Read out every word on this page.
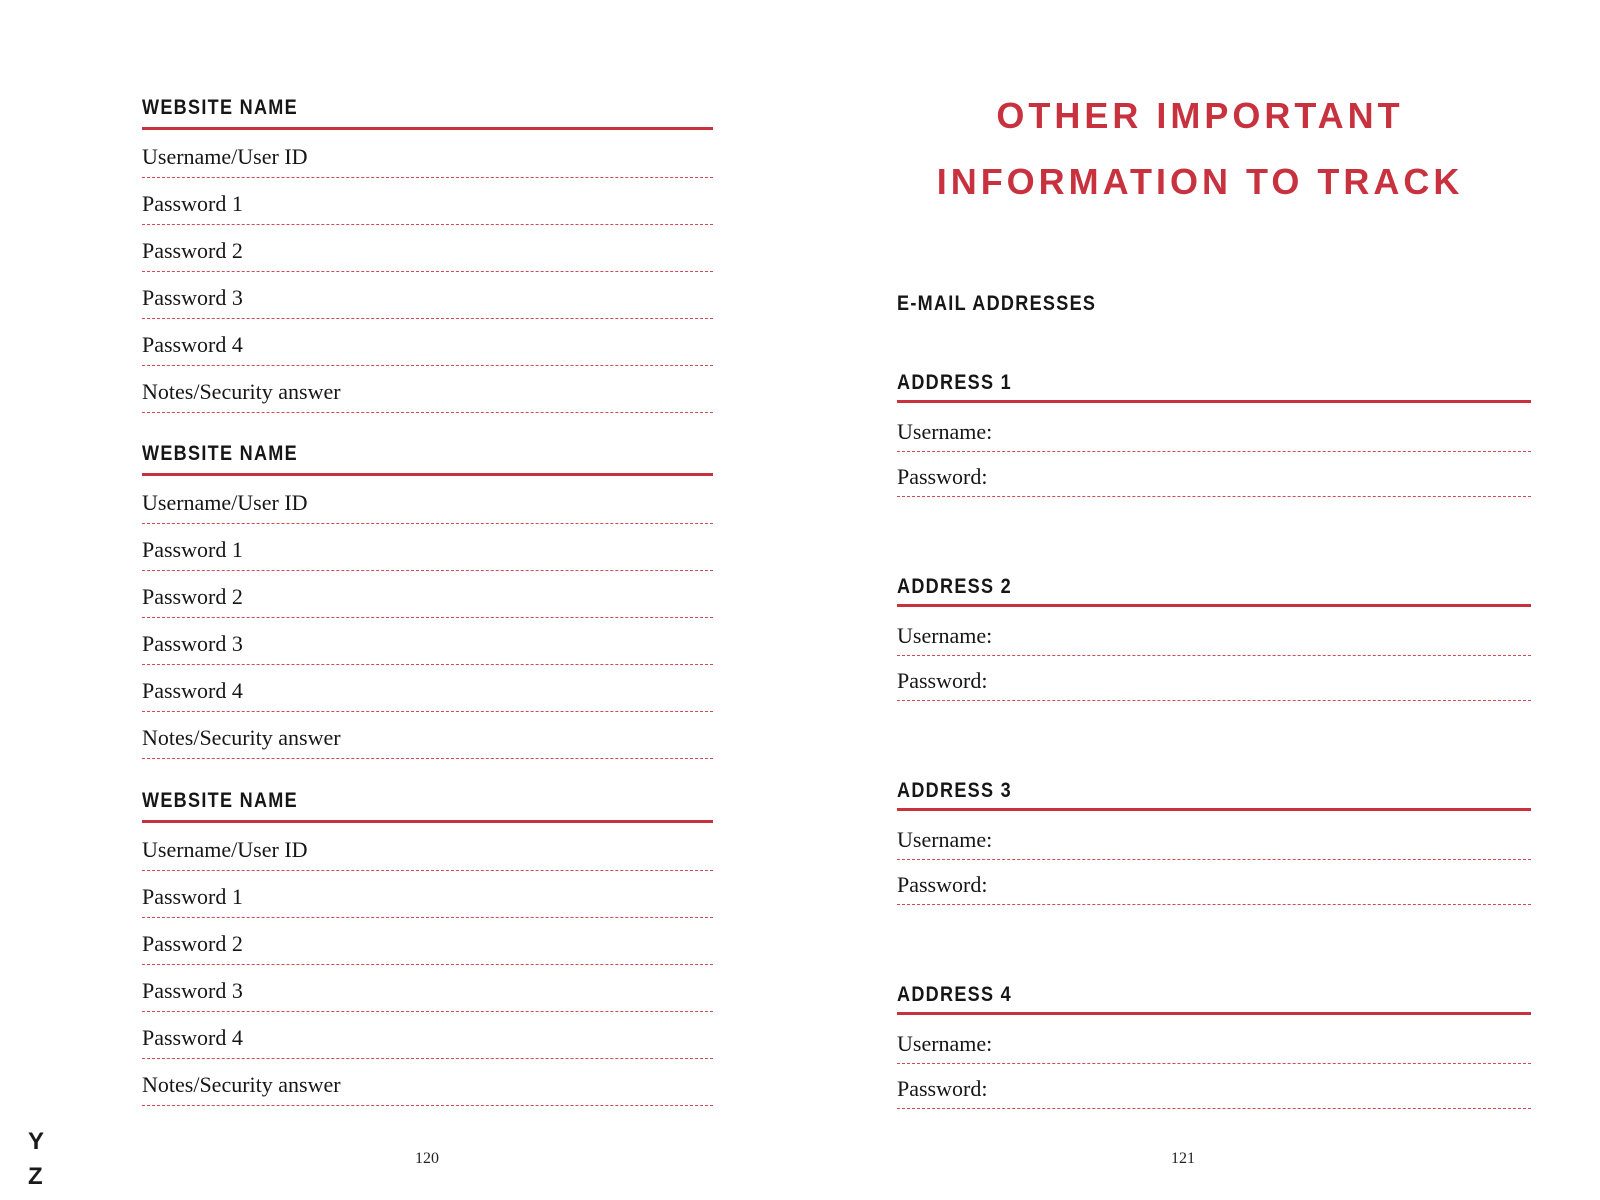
WEBSITE NAME
Username/User ID
Password 1
Password 2
Password 3
Password 4
Notes/Security answer
WEBSITE NAME
Username/User ID
Password 1
Password 2
Password 3
Password 4
Notes/Security answer
WEBSITE NAME
Username/User ID
Password 1
Password 2
Password 3
Password 4
Notes/Security answer
120
Y
Z
OTHER IMPORTANT
INFORMATION TO TRACK
E-MAIL ADDRESSES
ADDRESS 1
Username:
Password:
ADDRESS 2
Username:
Password:
ADDRESS 3
Username:
Password:
ADDRESS 4
Username:
Password:
121
